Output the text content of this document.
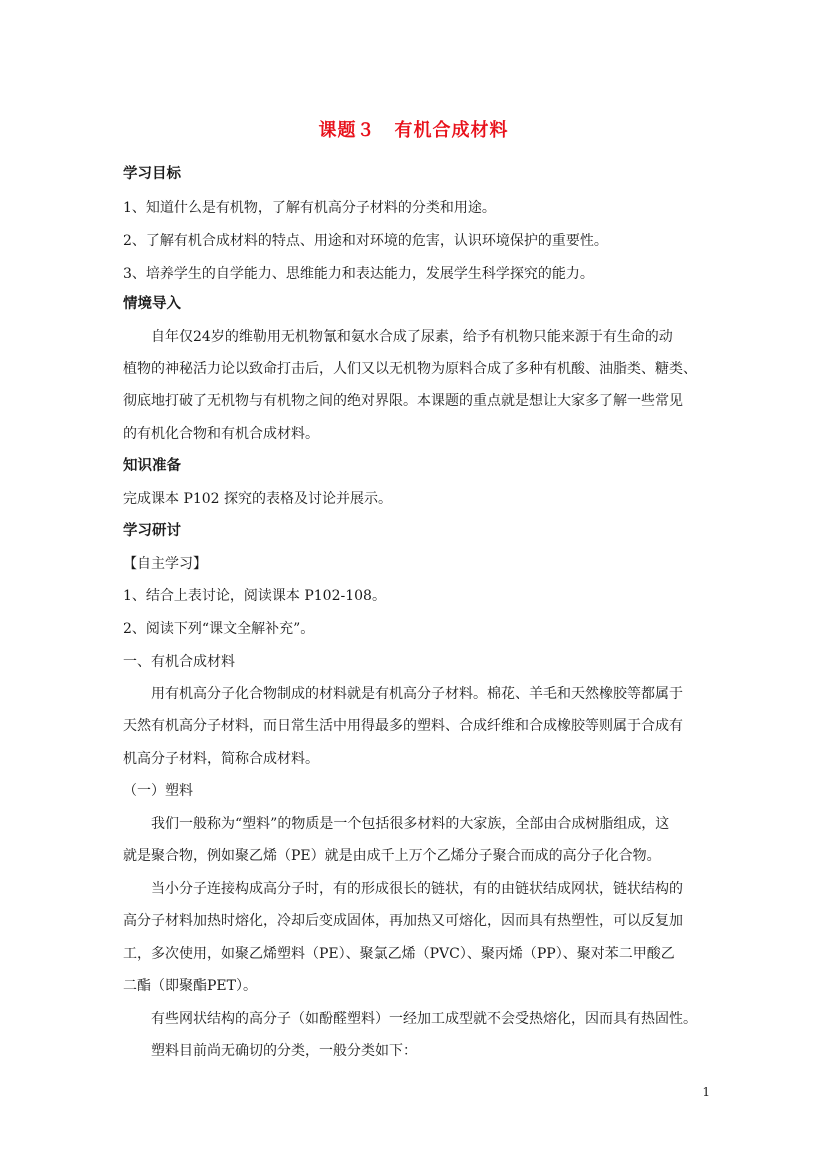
课题３　有机合成材料
学习目标
1、知道什么是有机物，了解有机高分子材料的分类和用途。
2、了解有机合成材料的特点、用途和对环境的危害，认识环境保护的重要性。
3、培养学生的自学能力、思维能力和表达能力，发展学生科学探究的能力。
情境导入
自年仅24岁的维勒用无机物氰和氨水合成了尿素，给予有机物只能来源于有生命的动
植物的神秘活力论以致命打击后，人们又以无机物为原料合成了多种有机酸、油脂类、糖类、
彻底地打破了无机物与有机物之间的绝对界限。本课题的重点就是想让大家多了解一些常见
的有机化合物和有机合成材料。
知识准备
完成课本 P102 探究的表格及讨论并展示。
学习研讨
【自主学习】
1、结合上表讨论，阅读课本 P102-108。
2、阅读下列“课文全解补充”。
一、有机合成材料
用有机高分子化合物制成的材料就是有机高分子材料。棉花、羊毛和天然橡胶等都属于
天然有机高分子材料，而日常生活中用得最多的塑料、合成纤维和合成橡胶等则属于合成有
机高分子材料，简称合成材料。
（一）塑料
我们一般称为“塑料”的物质是一个包括很多材料的大家族，全部由合成树脂组成，这
就是聚合物，例如聚乙烯（PE）就是由成千上万个乙烯分子聚合而成的高分子化合物。
当小分子连接构成高分子时，有的形成很长的链状，有的由链状结成网状，链状结构的
高分子材料加热时熔化，冷却后变成固体，再加热又可熔化，因而具有热塑性，可以反复加
工，多次使用，如聚乙烯塑料（PE）、聚氯乙烯（PVC）、聚丙烯（PP）、聚对苯二甲酸乙
二酯（即聚酯PET）。
有些网状结构的高分子（如酚醛塑料）一经加工成型就不会受热熔化，因而具有热固性。
塑料目前尚无确切的分类，一般分类如下：
1
